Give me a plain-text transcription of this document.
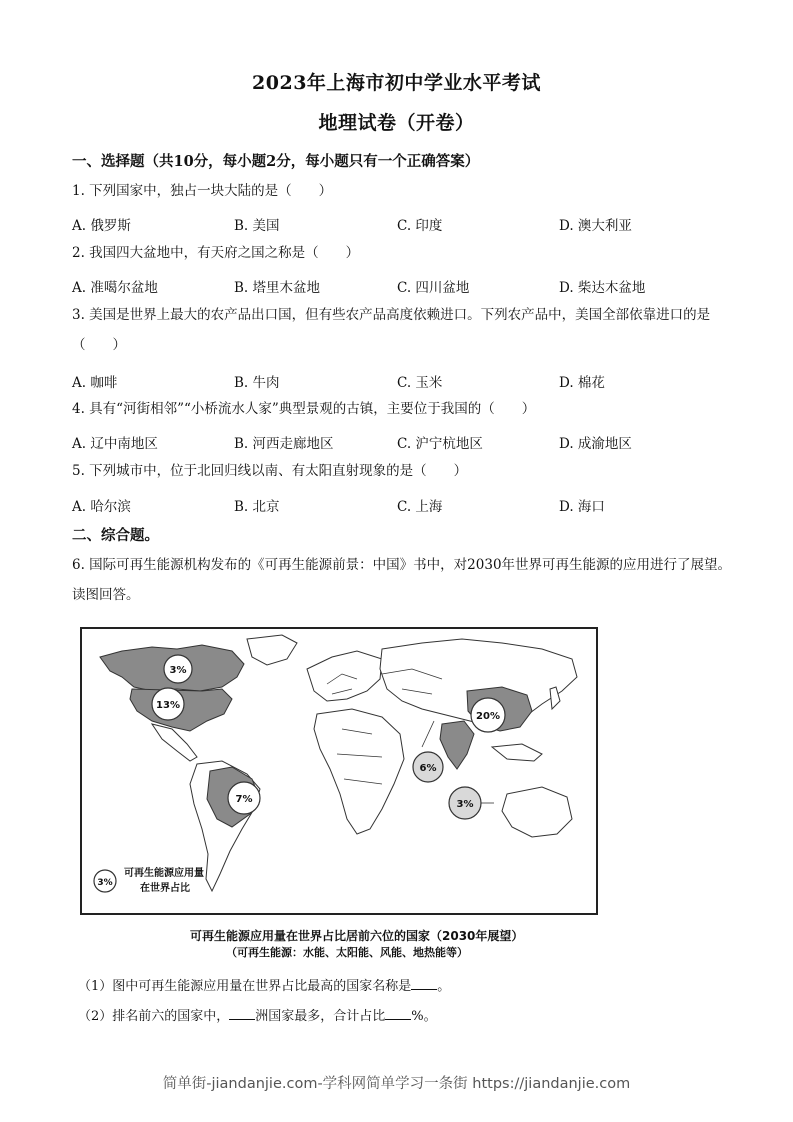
2023年上海市初中学业水平考试
地理试卷（开卷）
一、选择题（共10分，每小题2分，每小题只有一个正确答案）
1. 下列国家中，独占一块大陆的是（　　）
A. 俄罗斯	B. 美国	C. 印度	D. 澳大利亚
2. 我国四大盆地中，有天府之国之称是（　　）
A. 准噶尔盆地	B. 塔里木盆地	C. 四川盆地	D. 柴达木盆地
3. 美国是世界上最大的农产品出口国，但有些农产品高度依赖进口。下列农产品中，美国全部依靠进口的是（　　）
A. 咖啡	B. 牛肉	C. 玉米	D. 棉花
4. 具有“河街相邻”“小桥流水人家”典型景观的古镇，主要位于我国的（　　）
A. 辽中南地区	B. 河西走廊地区	C. 沪宁杭地区	D. 成渝地区
5. 下列城市中，位于北回归线以南、有太阳直射现象的是（　　）
A. 哈尔滨	B. 北京	C. 上海	D. 海口
二、综合题。
6. 国际可再生能源机构发布的《可再生能源前景：中国》书中，对2030年世界可再生能源的应用进行了展望。读图回答。
3%
13%
20%
6%
3%
7%
3%
可再生能源应用量
在世界占比
可再生能源应用量在世界占比居前六位的国家（2030年展望）
（可再生能源：水能、太阳能、风能、地热能等）
（1）图中可再生能源应用量在世界占比最高的国家名称是 。
（2）排名前六的国家中， 洲国家最多，合计占比 %。
简单街-jiandanjie.com-学科网简单学习一条街 https://jiandanjie.com
